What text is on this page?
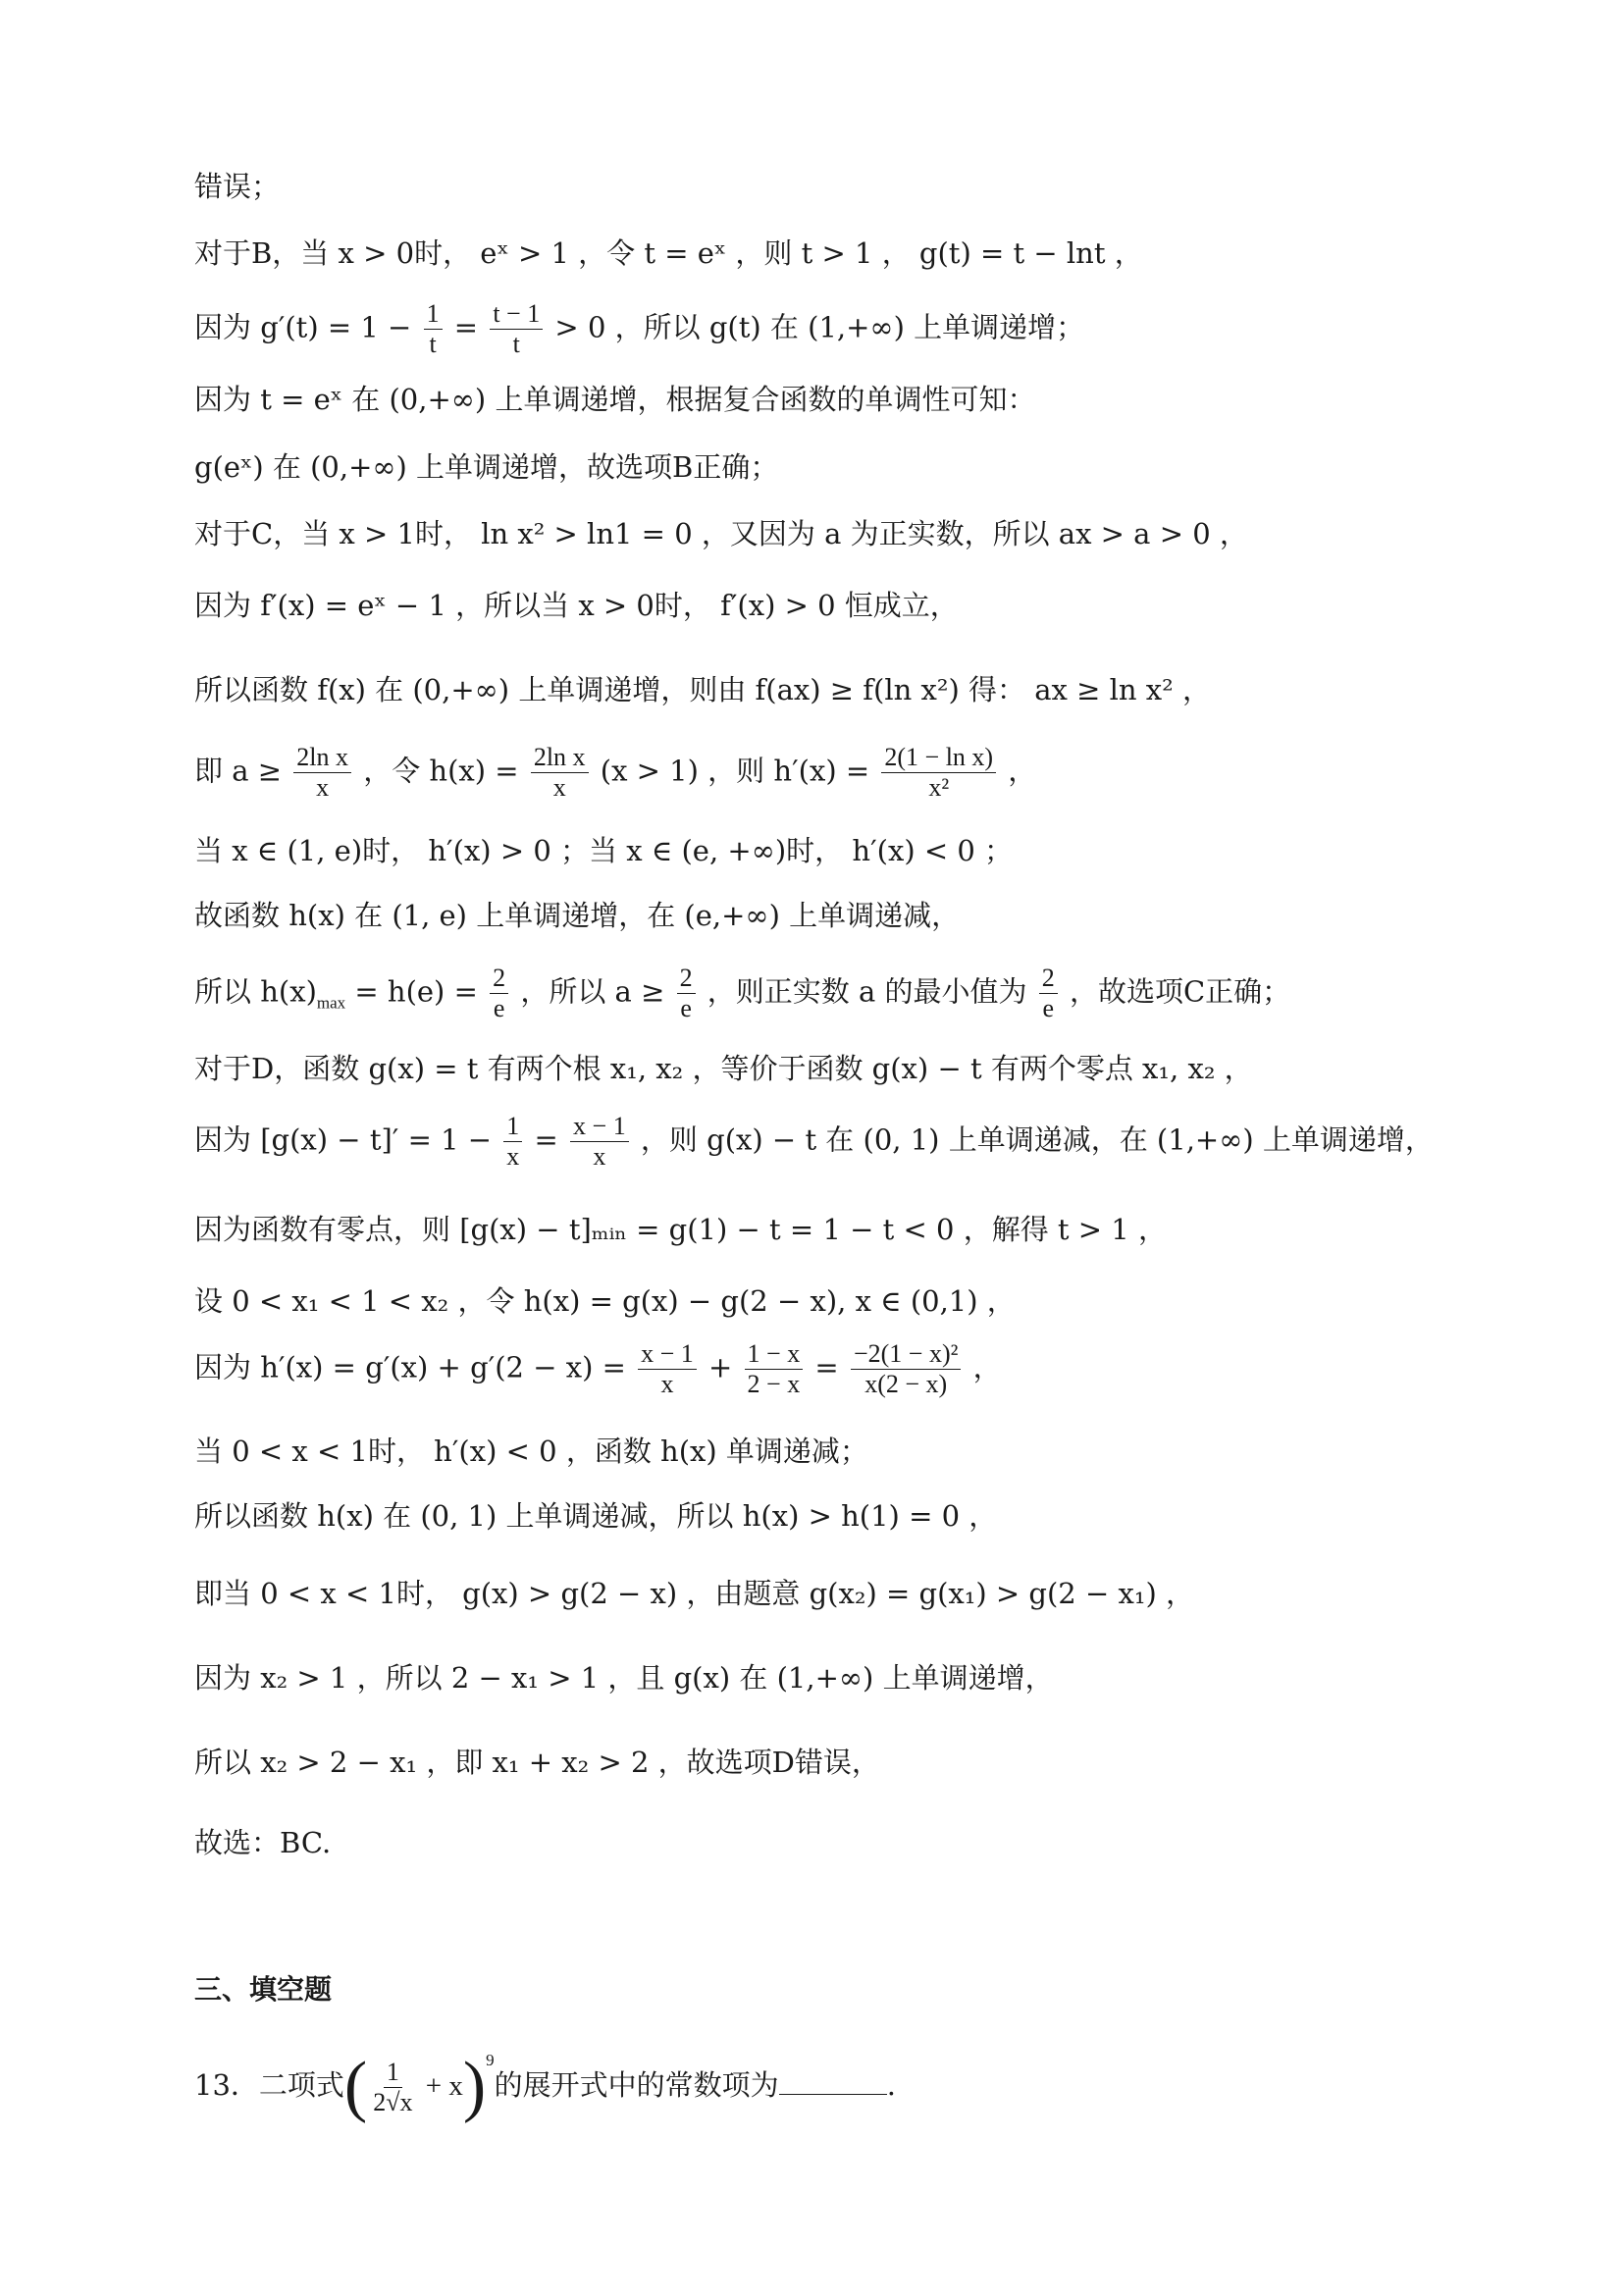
错误；
对于B，当 x > 0时， eˣ > 1 ，令 t = eˣ ，则 t > 1 ， g(t) = t − lnt ，
因为 $g'(t) = 1 - \frac{1}{t} = \frac{t - 1}{t} > 0$ ，所以 g(t) 在 (1,+∞) 上单调递增；
因为 t = eˣ 在 (0,+∞) 上单调递增，根据复合函数的单调性可知：
g(eˣ) 在 (0,+∞) 上单调递增，故选项B正确；
对于C，当 x > 1时， ln x² > ln1 = 0 ，又因为 a 为正实数，所以 ax > a > 0 ，
因为 f′(x) = eˣ − 1 ，所以当 x > 0时， f′(x) > 0 恒成立，
所以函数 f(x) 在 (0,+∞) 上单调递增，则由 f(ax) ≥ f(ln x²) 得： ax ≥ ln x² ，
即 $a \ge \frac{\text{2ln x}}{x}$ ，令 $h(x) = \frac{\text{2ln x}}{x} (x > 1)$ ，则 $h'(x) = \frac{\text{2(1 − ln x)}}{\text{x²}}$ ，
当 x ∈ (1, e)时， h′(x) > 0 ；当 x ∈ (e, +∞)时， h′(x) < 0 ；
故函数 h(x) 在 (1, e) 上单调递增，在 (e,+∞) 上单调递减，
所以 $h(x)_{max} = h(e) = \frac{2}{e}$ ，所以 $a \ge \frac{2}{e}$ ，则正实数 a 的最小值为 $\frac{2}{e}$ ，故选项C正确；
对于D，函数 g(x) = t 有两个根 x₁, x₂ ，等价于函数 g(x) − t 有两个零点 x₁, x₂ ，
因为 $[g(x) - t]' = 1 - \frac{1}{x} = \frac{x - 1}{x}$ ，则 g(x) − t 在 (0, 1) 上单调递减，在 (1,+∞) 上单调递增，
因为函数有零点，则 [g(x) − t]ₘᵢₙ = g(1) − t = 1 − t < 0 ，解得 t > 1 ，
设 0 < x₁ < 1 < x₂ ，令 h(x) = g(x) − g(2 − x), x ∈ (0,1) ，
因为 $h'(x) = g'(x) + g'(2 - x) = \frac{x - 1}{x} + \frac{1 - x}{2 - x} = \frac{\text{−2(1 − x)²}}{x(2 - x)}$ ，
当 0 < x < 1时， h′(x) < 0 ，函数 h(x) 单调递减；
所以函数 h(x) 在 (0, 1) 上单调递减，所以 h(x) > h(1) = 0 ，
即当 0 < x < 1时， g(x) > g(2 − x) ，由题意 g(x₂) = g(x₁) > g(2 − x₁) ，
因为 x₂ > 1 ，所以 2 − x₁ > 1 ，且 g(x) 在 (1,+∞) 上单调递增，
所以 x₂ > 2 − x₁ ，即 x₁ + x₂ > 2 ，故选项D错误，
故选：BC.
三、填空题
13．二项式( $\frac{1}{2√x} + x)^9$的展开式中的常数项为	.
